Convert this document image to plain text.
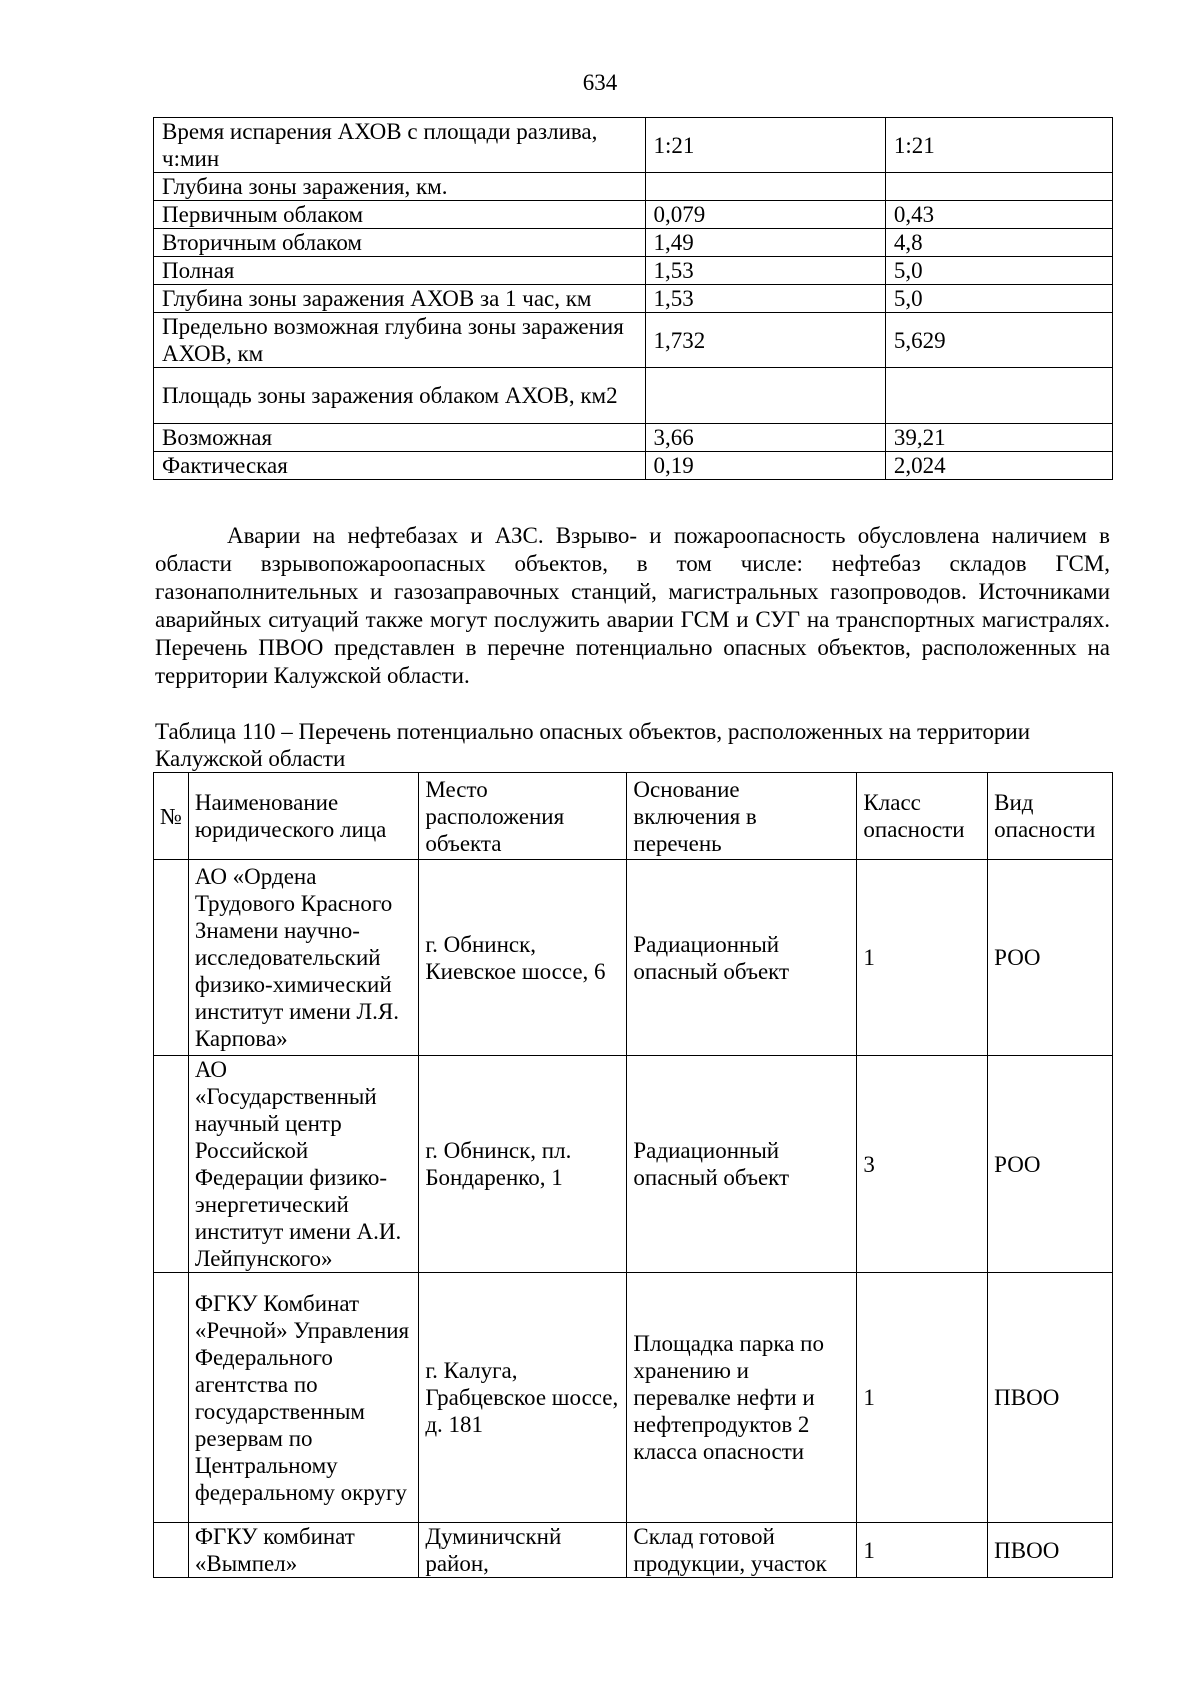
634
Время испарения АХОВ с площади разлива, ч:мин	1:21	1:21
Глубина зоны заражения, км.		
Первичным облаком	0,079	0,43
Вторичным облаком	1,49	4,8
Полная	1,53	5,0
Глубина зоны заражения АХОВ за 1 час, км	1,53	5,0
Предельно возможная глубина зоны заражения АХОВ, км	1,732	5,629
Площадь зоны заражения облаком АХОВ, км2		
Возможная	3,66	39,21
Фактическая	0,19	2,024
Аварии на нефтебазах и АЗС. Взрыво- и пожароопасность обусловлена наличием в области взрывопожароопасных объектов, в том числе: нефтебаз складов ГСМ, газонаполнительных и газозаправочных станций, магистральных газопроводов. Источниками аварийных ситуаций также могут послужить аварии ГСМ и СУГ на транспортных магистралях. Перечень ПВОО представлен в перечне потенциально опасных объектов, расположенных на территории Калужской области.
Таблица 110 – Перечень потенциально опасных объектов, расположенных на территории Калужской области
№	Наименование юридического лица	Место расположения объекта	Основание включения в перечень	Класс опасности	Вид опасности
	АО «Ордена Трудового Красного Знамени научно-исследовательский физико-химический институт имени Л.Я. Карпова»	г. Обнинск, Киевское шоссе, 6	Радиационный опасный объект	1	РОО
	АО «Государственный научный центр Российской Федерации физико-энергетический институт имени А.И. Лейпунского»	г. Обнинск, пл. Бондаренко, 1	Радиационный опасный объект	3	РОО
	ФГКУ Комбинат «Речной» Управления Федерального агентства по государственным резервам по Центральному федеральному округу	г. Калуга, Грабцевское шоссе, д. 181	Площадка парка по хранению и перевалке нефти и нефтепродуктов 2 класса опасности	1	ПВОО
	ФГКУ комбинат «Вымпел»	Думиничскнй район,	Склад готовой продукции, участок	1	ПВОО
